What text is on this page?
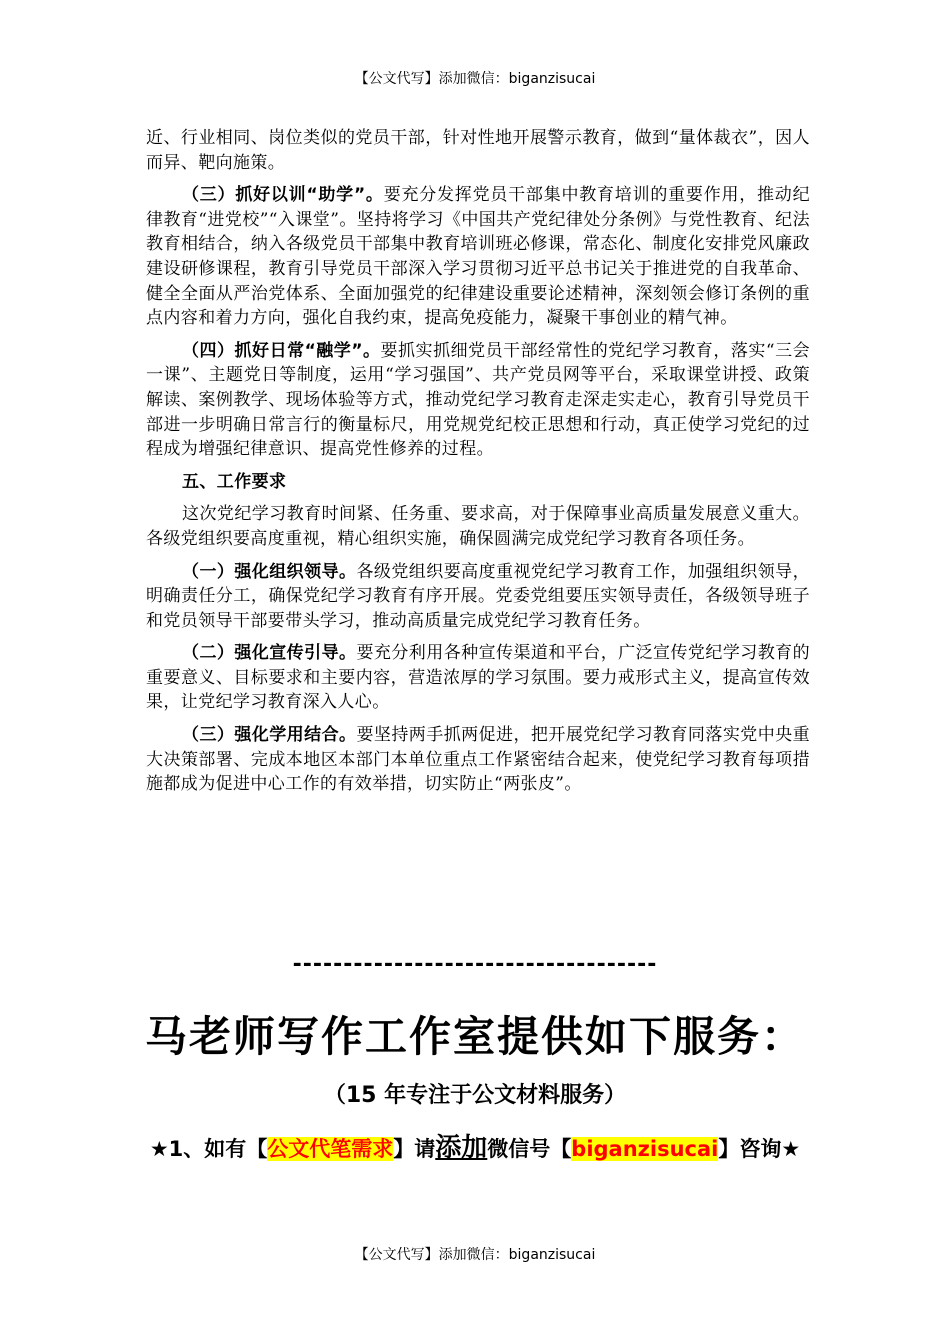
【公文代写】添加微信：biganzisucai

近、行业相同、岗位类似的党员干部，针对性地开展警示教育，做到“量体裁衣”，因人而异、靶向施策。

（三）抓好以训“助学”。要充分发挥党员干部集中教育培训的重要作用，推动纪律教育“进党校”“入课堂”。坚持将学习《中国共产党纪律处分条例》与党性教育、纪法教育相结合，纳入各级党员干部集中教育培训班必修课，常态化、制度化安排党风廉政建设研修课程，教育引导党员干部深入学习贯彻习近平总书记关于推进党的自我革命、健全全面从严治党体系、全面加强党的纪律建设重要论述精神，深刻领会修订条例的重点内容和着力方向，强化自我约束，提高免疫能力，凝聚干事创业的精气神。

（四）抓好日常“融学”。要抓实抓细党员干部经常性的党纪学习教育，落实“三会一课”、主题党日等制度，运用“学习强国”、共产党员网等平台，采取课堂讲授、政策解读、案例教学、现场体验等方式，推动党纪学习教育走深走实走心，教育引导党员干部进一步明确日常言行的衡量标尺，用党规党纪校正思想和行动，真正使学习党纪的过程成为增强纪律意识、提高党性修养的过程。

五、工作要求

这次党纪学习教育时间紧、任务重、要求高，对于保障事业高质量发展意义重大。各级党组织要高度重视，精心组织实施，确保圆满完成党纪学习教育各项任务。

（一）强化组织领导。各级党组织要高度重视党纪学习教育工作，加强组织领导，明确责任分工，确保党纪学习教育有序开展。党委党组要压实领导责任，各级领导班子和党员领导干部要带头学习，推动高质量完成党纪学习教育任务。

（二）强化宣传引导。要充分利用各种宣传渠道和平台，广泛宣传党纪学习教育的重要意义、目标要求和主要内容，营造浓厚的学习氛围。要力戒形式主义，提高宣传效果，让党纪学习教育深入人心。

（三）强化学用结合。要坚持两手抓两促进，把开展党纪学习教育同落实党中央重大决策部署、完成本地区本部门本单位重点工作紧密结合起来，使党纪学习教育每项措施都成为促进中心工作的有效举措，切实防止“两张皮”。

------------------------------------
马老师写作工作室提供如下服务：
（15 年专注于公文材料服务）
★1、如有【公文代笔需求】请添加微信号【biganzisucai】咨询★
【公文代写】添加微信：biganzisucai
